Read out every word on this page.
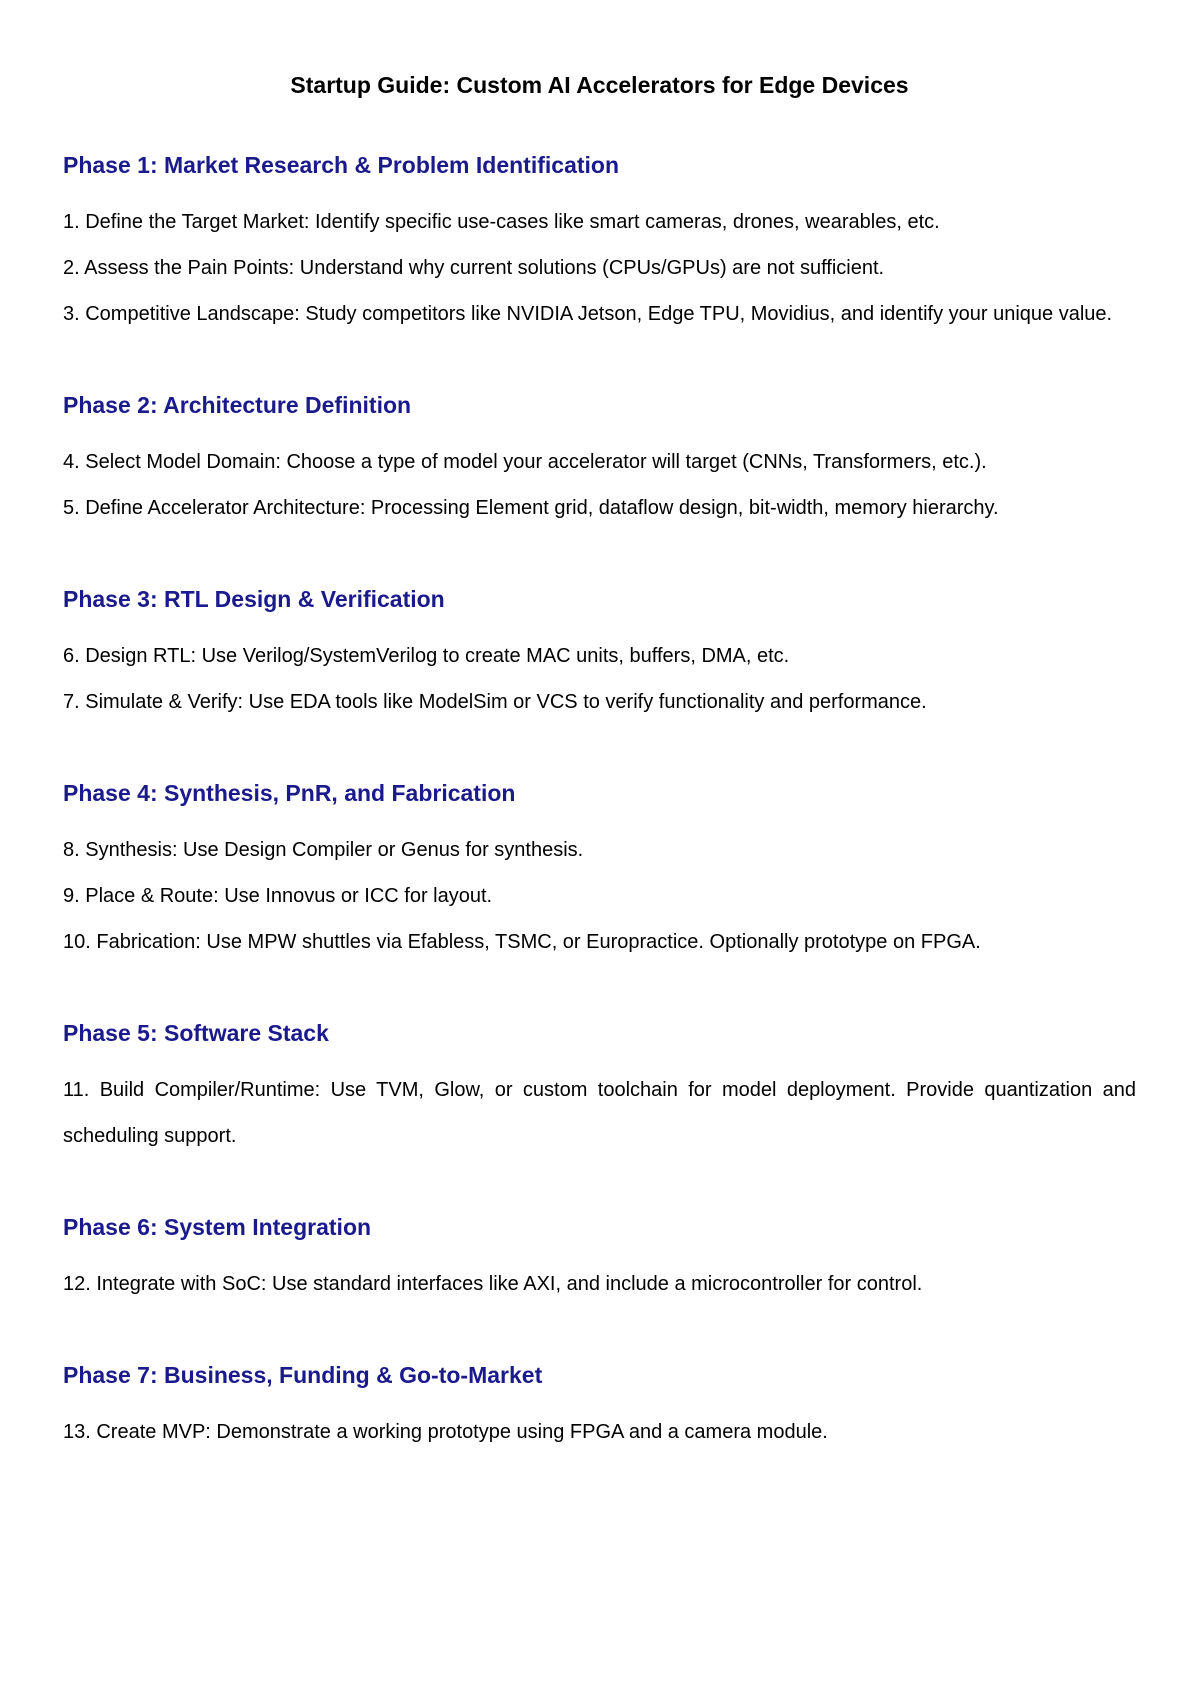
Startup Guide: Custom AI Accelerators for Edge Devices
Phase 1: Market Research & Problem Identification

1. Define the Target Market: Identify specific use-cases like smart cameras, drones, wearables, etc.

2. Assess the Pain Points: Understand why current solutions (CPUs/GPUs) are not sufficient.

3. Competitive Landscape: Study competitors like NVIDIA Jetson, Edge TPU, Movidius, and identify your unique value.

Phase 2: Architecture Definition

4. Select Model Domain: Choose a type of model your accelerator will target (CNNs, Transformers, etc.).

5. Define Accelerator Architecture: Processing Element grid, dataflow design, bit-width, memory hierarchy.

Phase 3: RTL Design & Verification

6. Design RTL: Use Verilog/SystemVerilog to create MAC units, buffers, DMA, etc.

7. Simulate & Verify: Use EDA tools like ModelSim or VCS to verify functionality and performance.

Phase 4: Synthesis, PnR, and Fabrication

8. Synthesis: Use Design Compiler or Genus for synthesis.

9. Place & Route: Use Innovus or ICC for layout.

10. Fabrication: Use MPW shuttles via Efabless, TSMC, or Europractice. Optionally prototype on FPGA.

Phase 5: Software Stack

11. Build Compiler/Runtime: Use TVM, Glow, or custom toolchain for model deployment. Provide quantization and scheduling support.

Phase 6: System Integration

12. Integrate with SoC: Use standard interfaces like AXI, and include a microcontroller for control.

Phase 7: Business, Funding & Go-to-Market

13. Create MVP: Demonstrate a working prototype using FPGA and a camera module.
